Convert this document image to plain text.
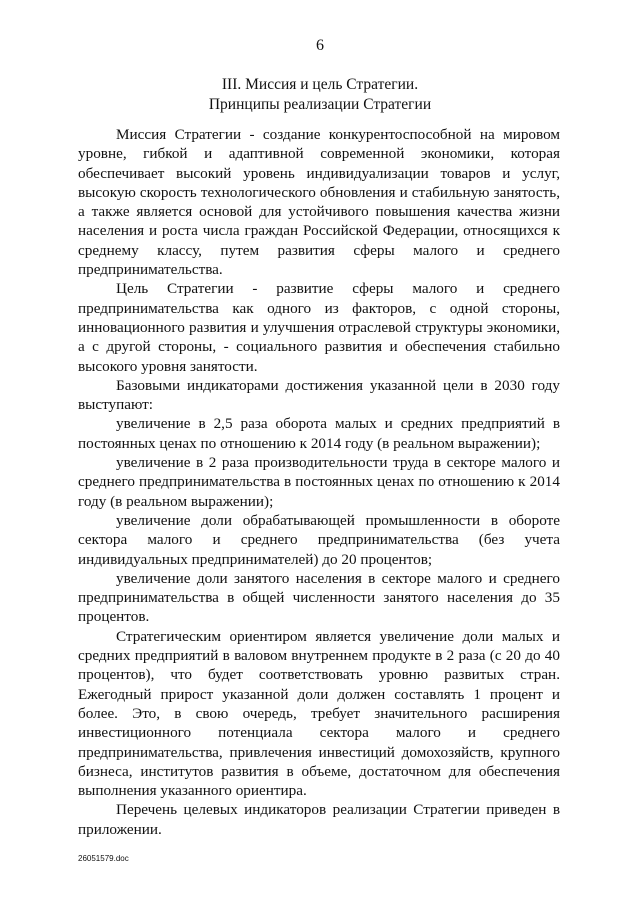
6
III. Миссия и цель Стратегии.
Принципы реализации Стратегии

Миссия Стратегии - создание конкурентоспособной на мировом уровне, гибкой и адаптивной современной экономики, которая обеспечивает высокий уровень индивидуализации товаров и услуг, высокую скорость технологического обновления и стабильную занятость, а также является основой для устойчивого повышения качества жизни населения и роста числа граждан Российской Федерации, относящихся к среднему классу, путем развития сферы малого и среднего предпринимательства.

Цель Стратегии - развитие сферы малого и среднего предпринимательства как одного из факторов, с одной стороны, инновационного развития и улучшения отраслевой структуры экономики, а с другой стороны, - социального развития и обеспечения стабильно высокого уровня занятости.

Базовыми индикаторами достижения указанной цели в 2030 году выступают:

увеличение в 2,5 раза оборота малых и средних предприятий в постоянных ценах по отношению к 2014 году (в реальном выражении);

увеличение в 2 раза производительности труда в секторе малого и среднего предпринимательства в постоянных ценах по отношению к 2014 году (в реальном выражении);

увеличение доли обрабатывающей промышленности в обороте сектора малого и среднего предпринимательства (без учета индивидуальных предпринимателей) до 20 процентов;

увеличение доли занятого населения в секторе малого и среднего предпринимательства в общей численности занятого населения до 35 процентов.

Стратегическим ориентиром является увеличение доли малых и средних предприятий в валовом внутреннем продукте в 2 раза (с 20 до 40 процентов), что будет соответствовать уровню развитых стран. Ежегодный прирост указанной доли должен составлять 1 процент и более. Это, в свою очередь, требует значительного расширения инвестиционного потенциала сектора малого и среднего предпринимательства, привлечения инвестиций домохозяйств, крупного бизнеса, институтов развития в объеме, достаточном для обеспечения выполнения указанного ориентира.

Перечень целевых индикаторов реализации Стратегии приведен в приложении.

26051579.doc
